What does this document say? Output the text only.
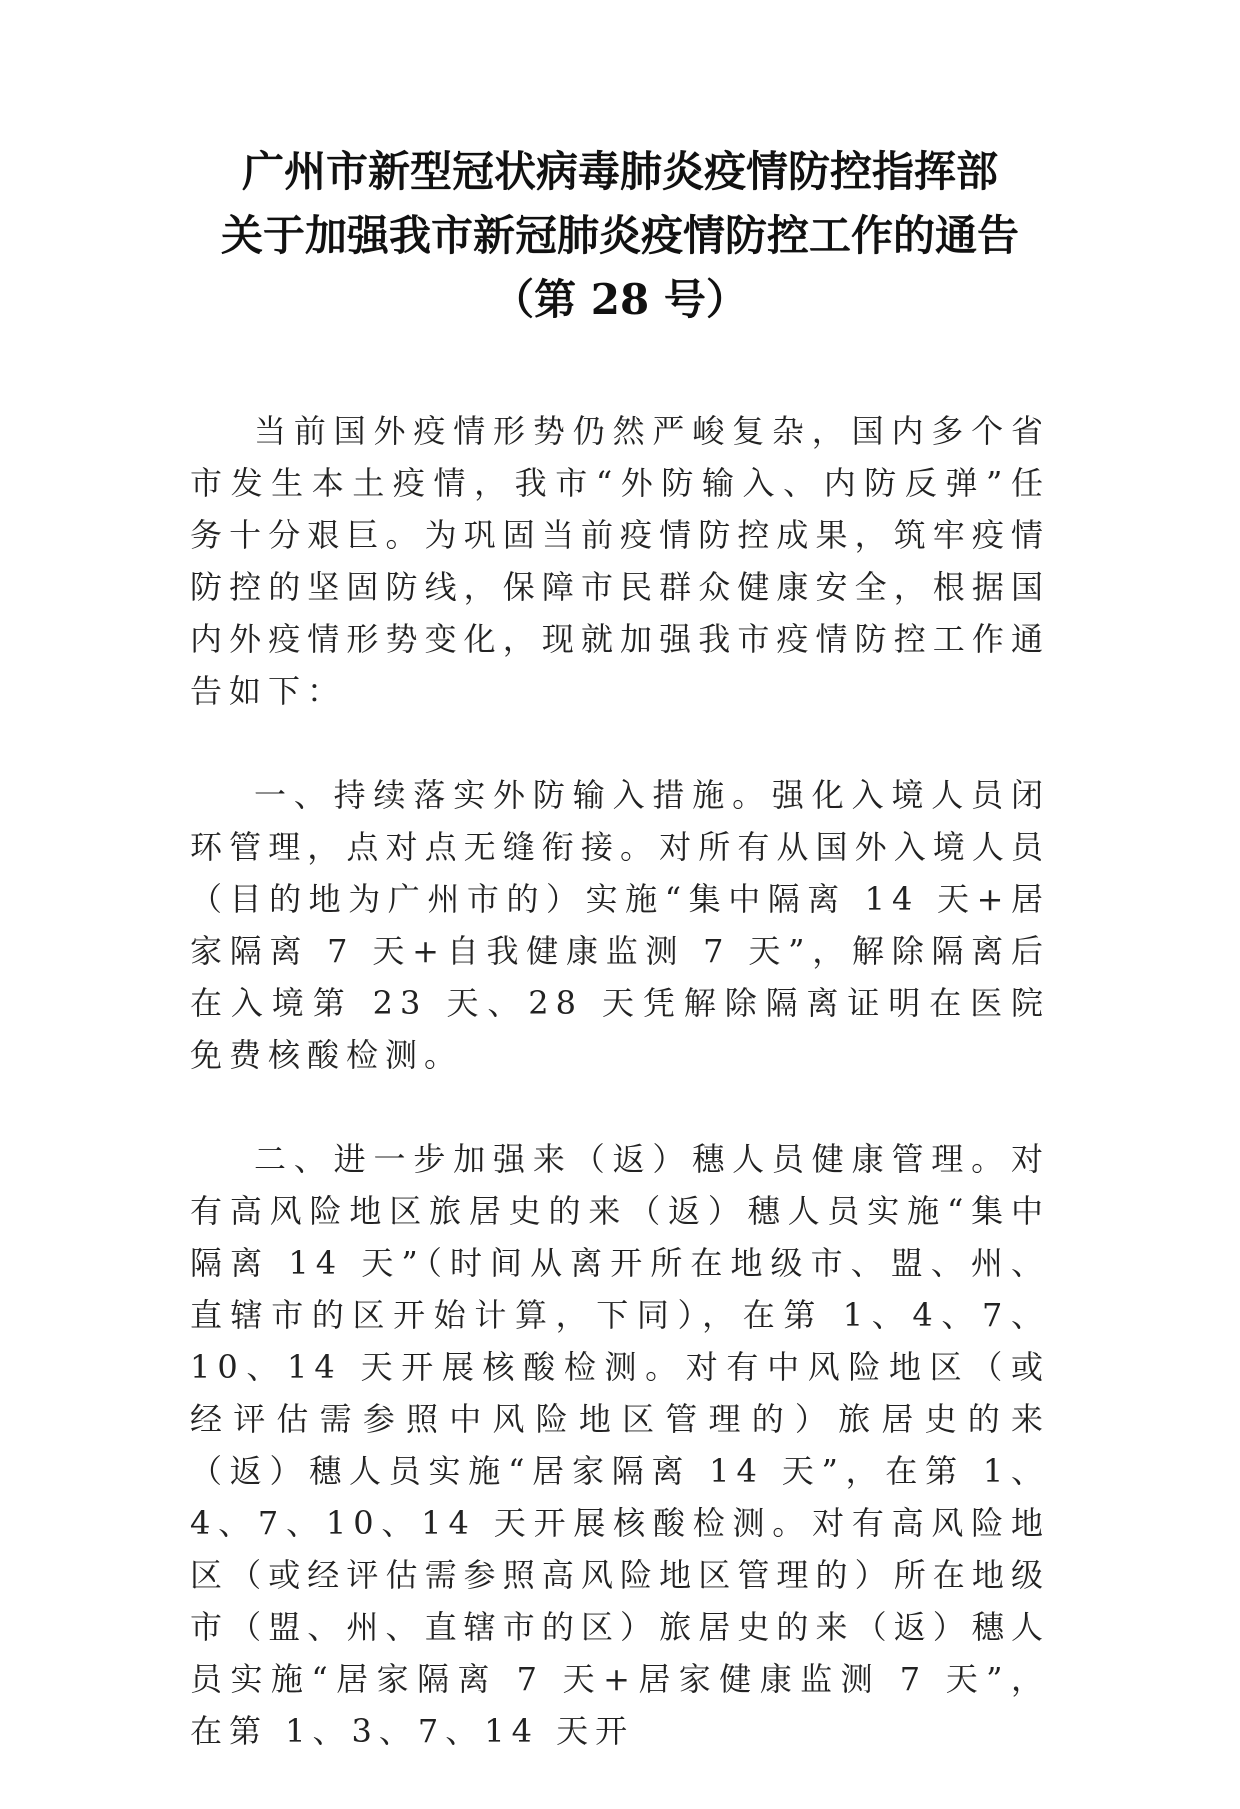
广州市新型冠状病毒肺炎疫情防控指挥部
关于加强我市新冠肺炎疫情防控工作的通告
（第 28 号）

当前国外疫情形势仍然严峻复杂，国内多个省市发生本土疫情，我市“外防输入、内防反弹”任务十分艰巨。为巩固当前疫情防控成果，筑牢疫情防控的坚固防线，保障市民群众健康安全，根据国内外疫情形势变化，现就加强我市疫情防控工作通告如下：

一、持续落实外防输入措施。强化入境人员闭环管理，点对点无缝衔接。对所有从国外入境人员（目的地为广州市的）实施“集中隔离 14 天+居家隔离 7 天+自我健康监测 7 天”，解除隔离后在入境第 23 天、28 天凭解除隔离证明在医院免费核酸检测。

二、进一步加强来（返）穗人员健康管理。对有高风险地区旅居史的来（返）穗人员实施“集中隔离 14 天”（时间从离开所在地级市、盟、州、直辖市的区开始计算，下同），在第 1、4、7、10、14 天开展核酸检测。对有中风险地区（或经评估需参照中风险地区管理的）旅居史的来（返）穗人员实施“居家隔离 14 天”，在第 1、4、7、10、14 天开展核酸检测。对有高风险地区（或经评估需参照高风险地区管理的）所在地级市（盟、州、直辖市的区）旅居史的来（返）穗人员实施“居家隔离 7 天+居家健康监测 7 天”，在第 1、3、7、14 天开
